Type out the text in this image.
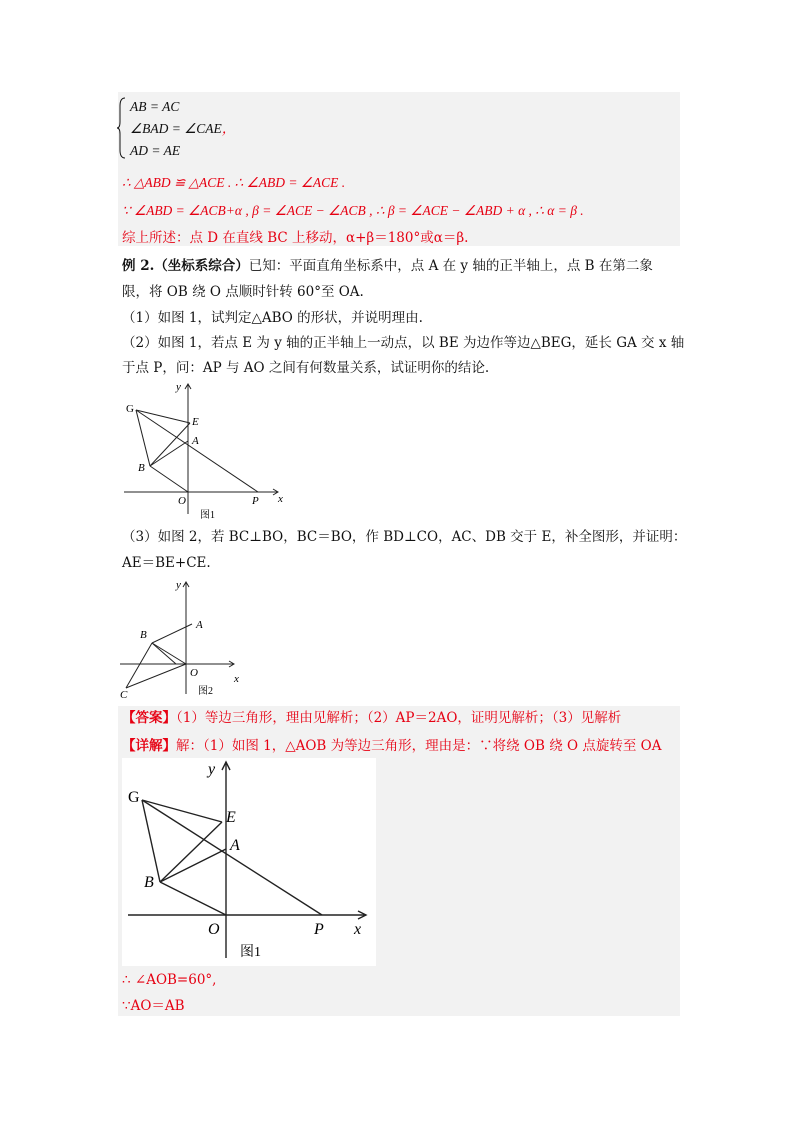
AB = AC
∠BAD = ∠CAE，
AD = AE
∴ △ABD ≌ △ACE . ∴ ∠ABD = ∠ACE .
∵ ∠ABD = ∠ACB+α , β = ∠ACE − ∠ACB , ∴ β = ∠ACE − ∠ABD + α , ∴ α = β .
综上所述：点 D 在直线 BC 上移动，α+β＝180°或α＝β.
例 2.（坐标系综合）已知：平面直角坐标系中，点 A 在 y 轴的正半轴上，点 B 在第二象
限，将 OB 绕 O 点顺时针转 60°至 OA.
（1）如图 1，试判定△ABO 的形状，并说明理由.
（2）如图 1，若点 E 为 y 轴的正半轴上一动点，以 BE 为边作等边△BEG，延长 GA 交 x 轴
于点 P，问：AP 与 AO 之间有何数量关系，试证明你的结论.
G
E
A
B
O	P x
y
图1
（3）如图 2，若 BC⊥BO，BC＝BO，作 BD⊥CO，AC、DB 交于 E，补全图形，并证明：
AE＝BE+CE.
A
B
C
O	x
y
图2
【答案】（1）等边三角形，理由见解析；（2）AP＝2AO，证明见解析；（3）见解析
【详解】解：（1）如图 1，△AOB 为等边三角形，理由是：∵将绕 OB 绕 O 点旋转至 OA
G
E
A
B
O	P x
y
图1
∴ ∠AOB=60°,
∵AO＝AB
